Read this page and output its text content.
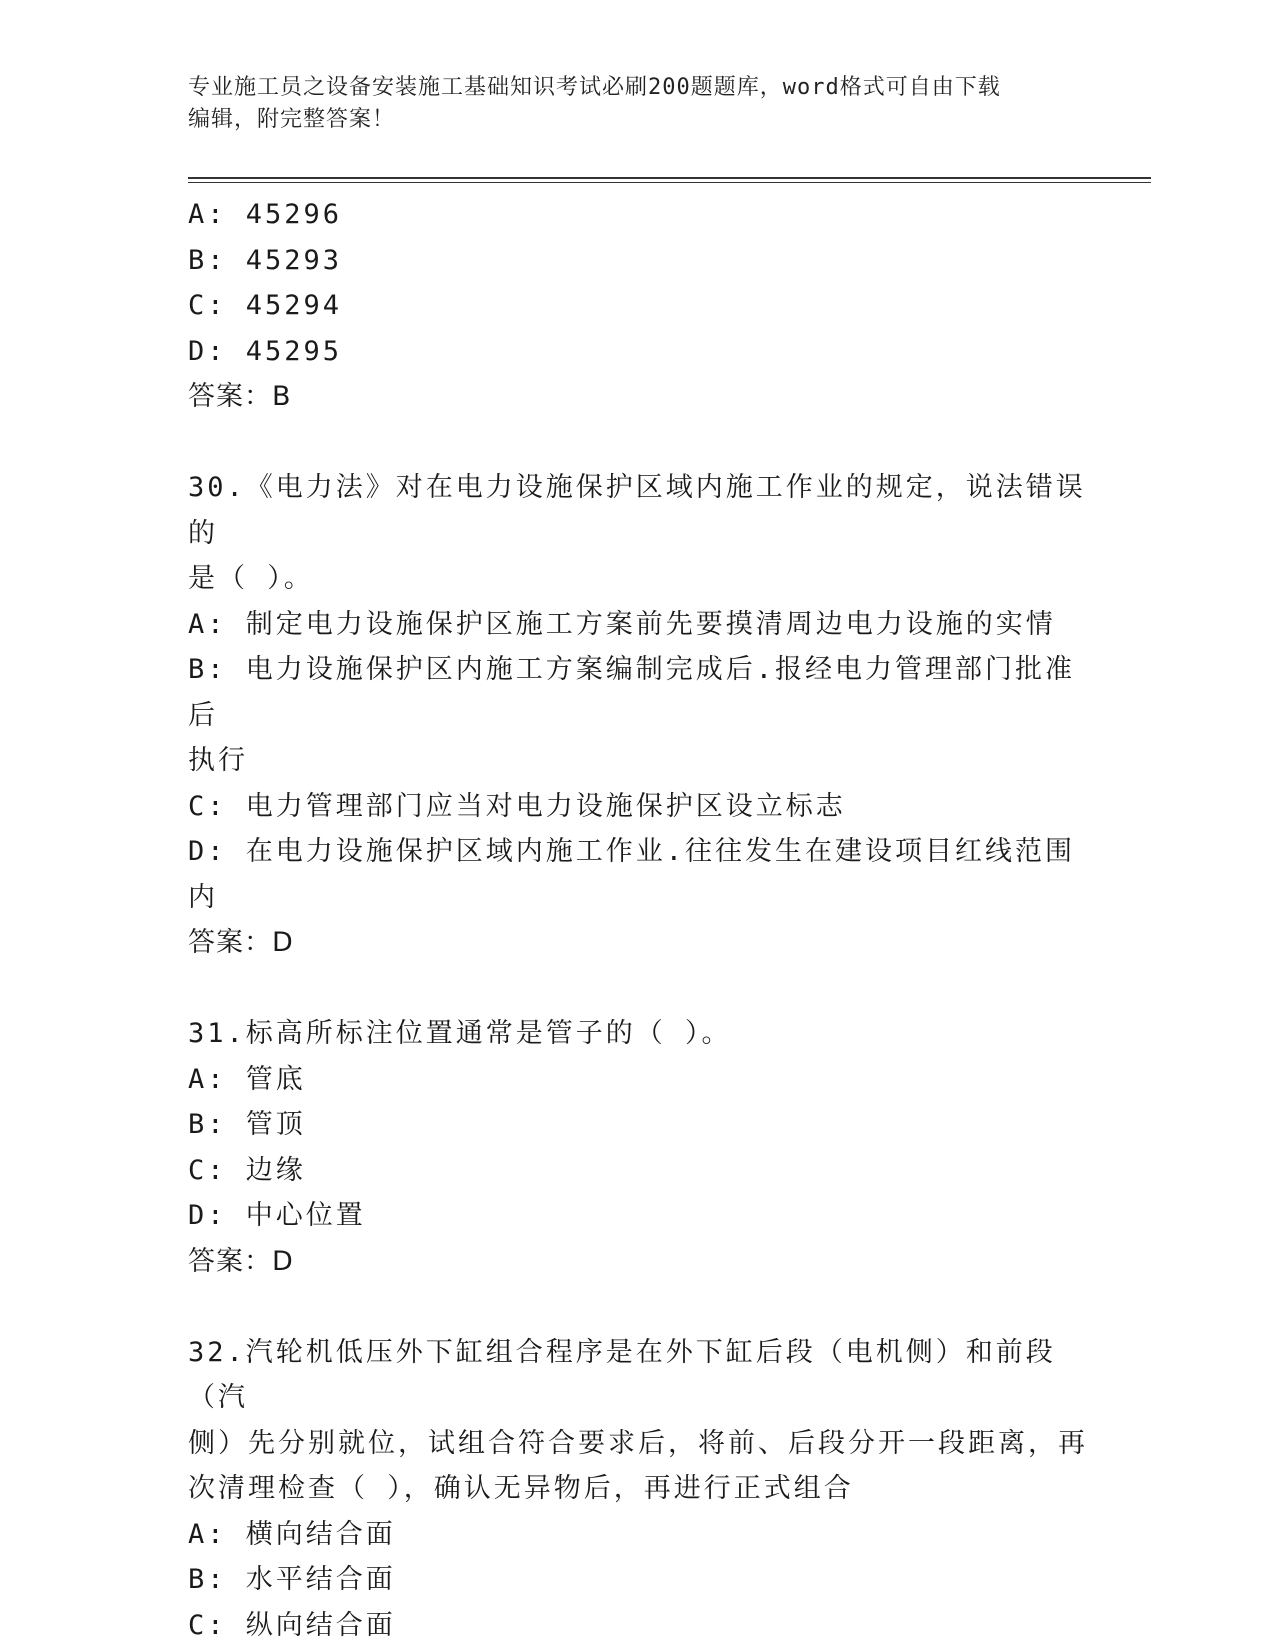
专业施工员之设备安装施工基础知识考试必刷200题题库，word格式可自由下载
编辑，附完整答案！
A: 45296
B: 45293
C: 45294
D: 45295
答案：B
30.《电力法》对在电力设施保护区域内施工作业的规定，说法错误的
是（ ）。
A: 制定电力设施保护区施工方案前先要摸清周边电力设施的实情
B: 电力设施保护区内施工方案编制完成后.报经电力管理部门批准后
执行
C: 电力管理部门应当对电力设施保护区设立标志
D: 在电力设施保护区域内施工作业.往往发生在建设项目红线范围内
答案：D
31.标高所标注位置通常是管子的（ ）。
A: 管底
B: 管顶
C: 边缘
D: 中心位置
答案：D
32.汽轮机低压外下缸组合程序是在外下缸后段（电机侧）和前段（汽
侧）先分别就位，试组合符合要求后，将前、后段分开一段距离，再
次清理检查（ ），确认无异物后，再进行正式组合
A: 横向结合面
B: 水平结合面
C: 纵向结合面
